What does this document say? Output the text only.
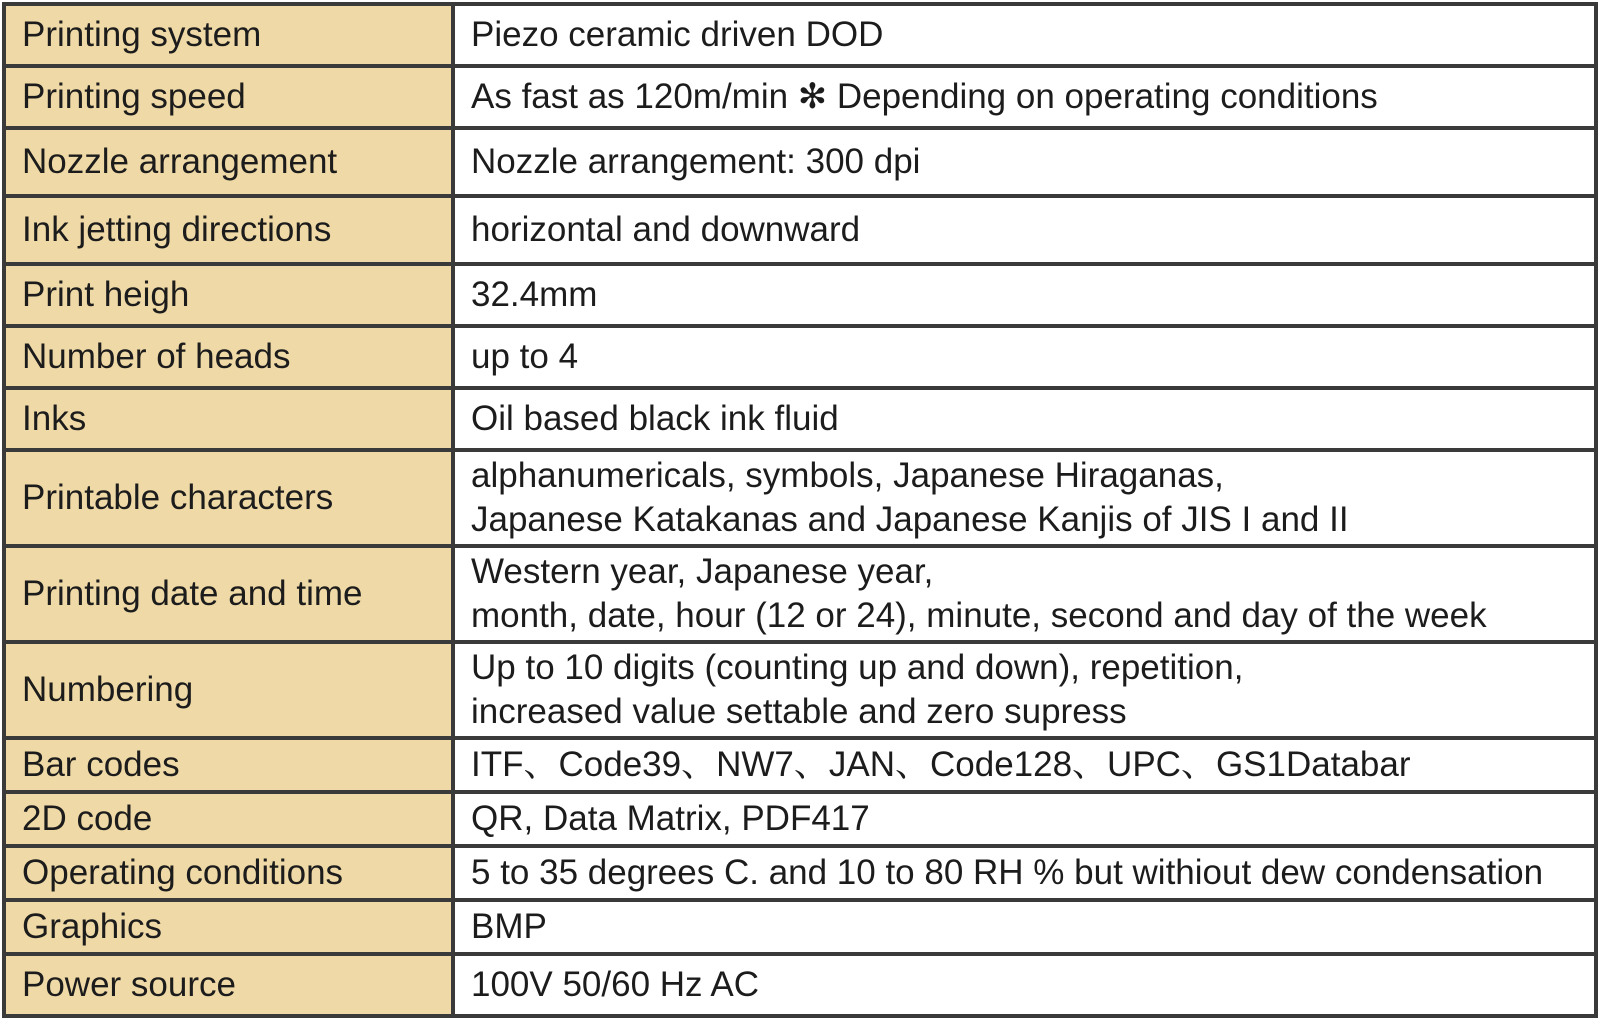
Printing system	Piezo ceramic driven DOD
Printing speed	As fast as 120m/min ✻ Depending on operating conditions
Nozzle arrangement	Nozzle arrangement: 300 dpi
Ink jetting directions	horizontal and downward
Print heigh	32.4mm
Number of heads	up to 4
Inks	Oil based black ink fluid
Printable characters	alphanumericals, symbols, Japanese Hiraganas,
Japanese Katakanas and Japanese Kanjis of JIS I and II
Printing date and time	Western year, Japanese year,
month, date, hour (12 or 24), minute, second and day of the week
Numbering	Up to 10 digits (counting up and down), repetition,
increased value settable and zero supress
Bar codes	ITF、Code39、NW7、JAN、Code128、UPC、GS1Databar
2D code	QR, Data Matrix, PDF417
Operating conditions	5 to 35 degrees C. and 10 to 80 RH % but withiout dew condensation
Graphics	BMP
Power source	100V 50/60 Hz AC
